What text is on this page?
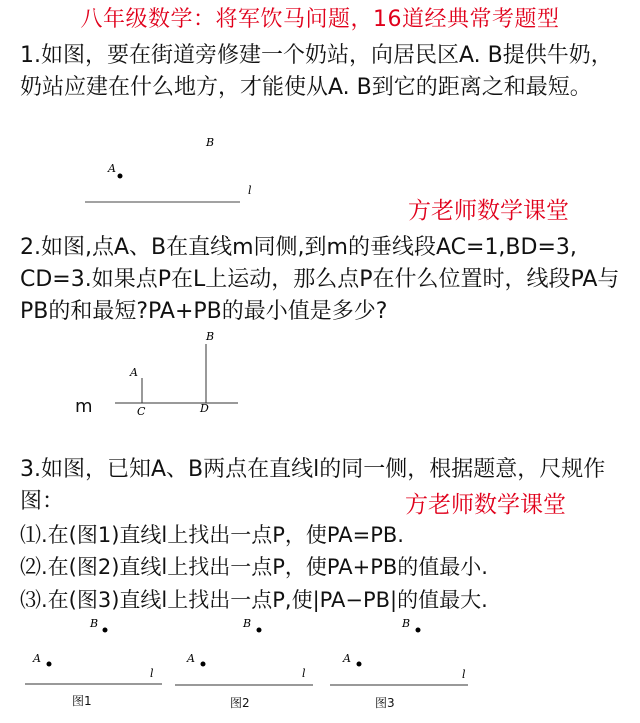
八年级数学：将军饮马问题，16道经典常考题型
1.如图，要在街道旁修建一个奶站，向居民区A. B提供牛奶，奶站应建在什么地方，才能使从A. B到它的距离之和最短。
B
A
l
方老师数学课堂
2.如图,点A、B在直线m同侧,到m的垂线段AC=1,BD=3, CD=3.如果点P在L上运动，那么点P在什么位置时，线段PA与PB的和最短?PA+PB的最小值是多少?
B
A
C	D
m
3.如图，已知A、B两点在直线l的同一侧，根据题意，尺规作图：	方老师数学课堂
⑴.在(图1)直线l上找出一点P，使PA=PB.
⑵.在(图2)直线l上找出一点P，使PA+PB的值最小.
⑶.在(图3)直线l上找出一点P,使|PA−PB|的值最大.
B
A
l
图1
B
A
l
图2
B
A
l
图3
